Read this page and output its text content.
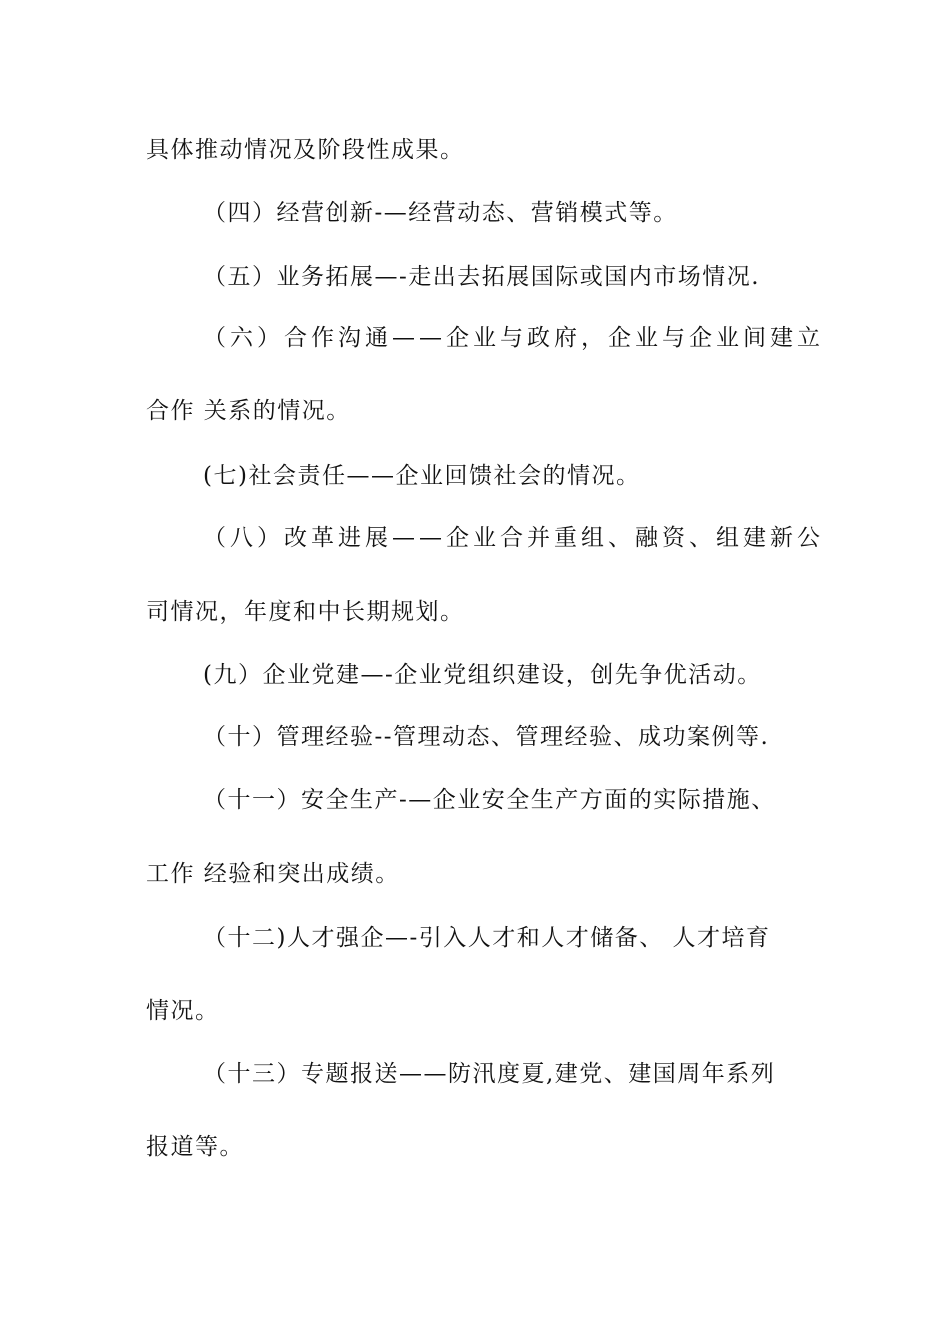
具体推动情况及阶段性成果。
（四）经营创新-—经营动态、营销模式等。
（五）业务拓展—-走出去拓展国际或国内市场情况.
（六）合作沟通——企业与政府，企业与企业间建立
合作 关系的情况。
(七)社会责任——企业回馈社会的情况。
（八）改革进展——企业合并重组、融资、组建新公
司情况，年度和中长期规划。
(九）企业党建—-企业党组织建设，创先争优活动。
（十）管理经验--管理动态、管理经验、成功案例等.
（十一）安全生产-—企业安全生产方面的实际措施、
工作 经验和突出成绩。
（十二)人才强企—-引入人才和人才储备、 人才培育
情况。
（十三）专题报送——防汛度夏,建党、建国周年系列
报道等。
